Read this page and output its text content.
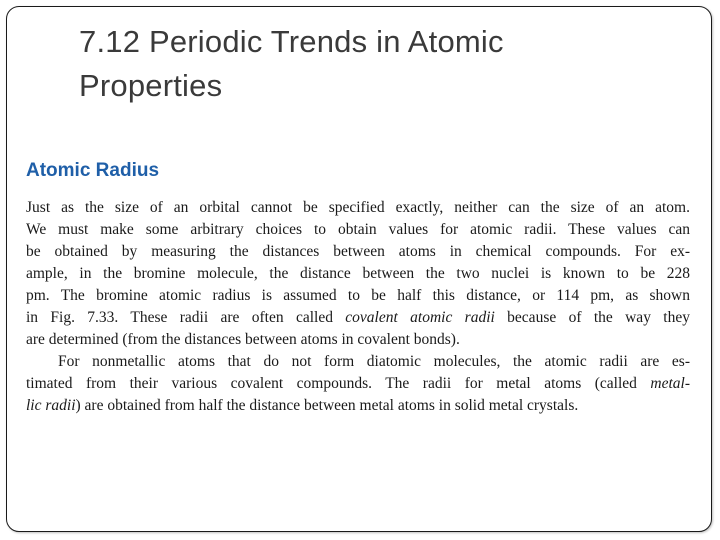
7.12 Periodic Trends in Atomic
Properties
Atomic Radius
Just as the size of an orbital cannot be specified exactly, neither can the size of an atom.
We must make some arbitrary choices to obtain values for atomic radii. These values can
be obtained by measuring the distances between atoms in chemical compounds. For ex-
ample, in the bromine molecule, the distance between the two nuclei is known to be 228
pm. The bromine atomic radius is assumed to be half this distance, or 114 pm, as shown
in Fig. 7.33. These radii are often called covalent atomic radii because of the way they
are determined (from the distances between atoms in covalent bonds).
For nonmetallic atoms that do not form diatomic molecules, the atomic radii are es-
timated from their various covalent compounds. The radii for metal atoms (called metal-
lic radii) are obtained from half the distance between metal atoms in solid metal crystals.
